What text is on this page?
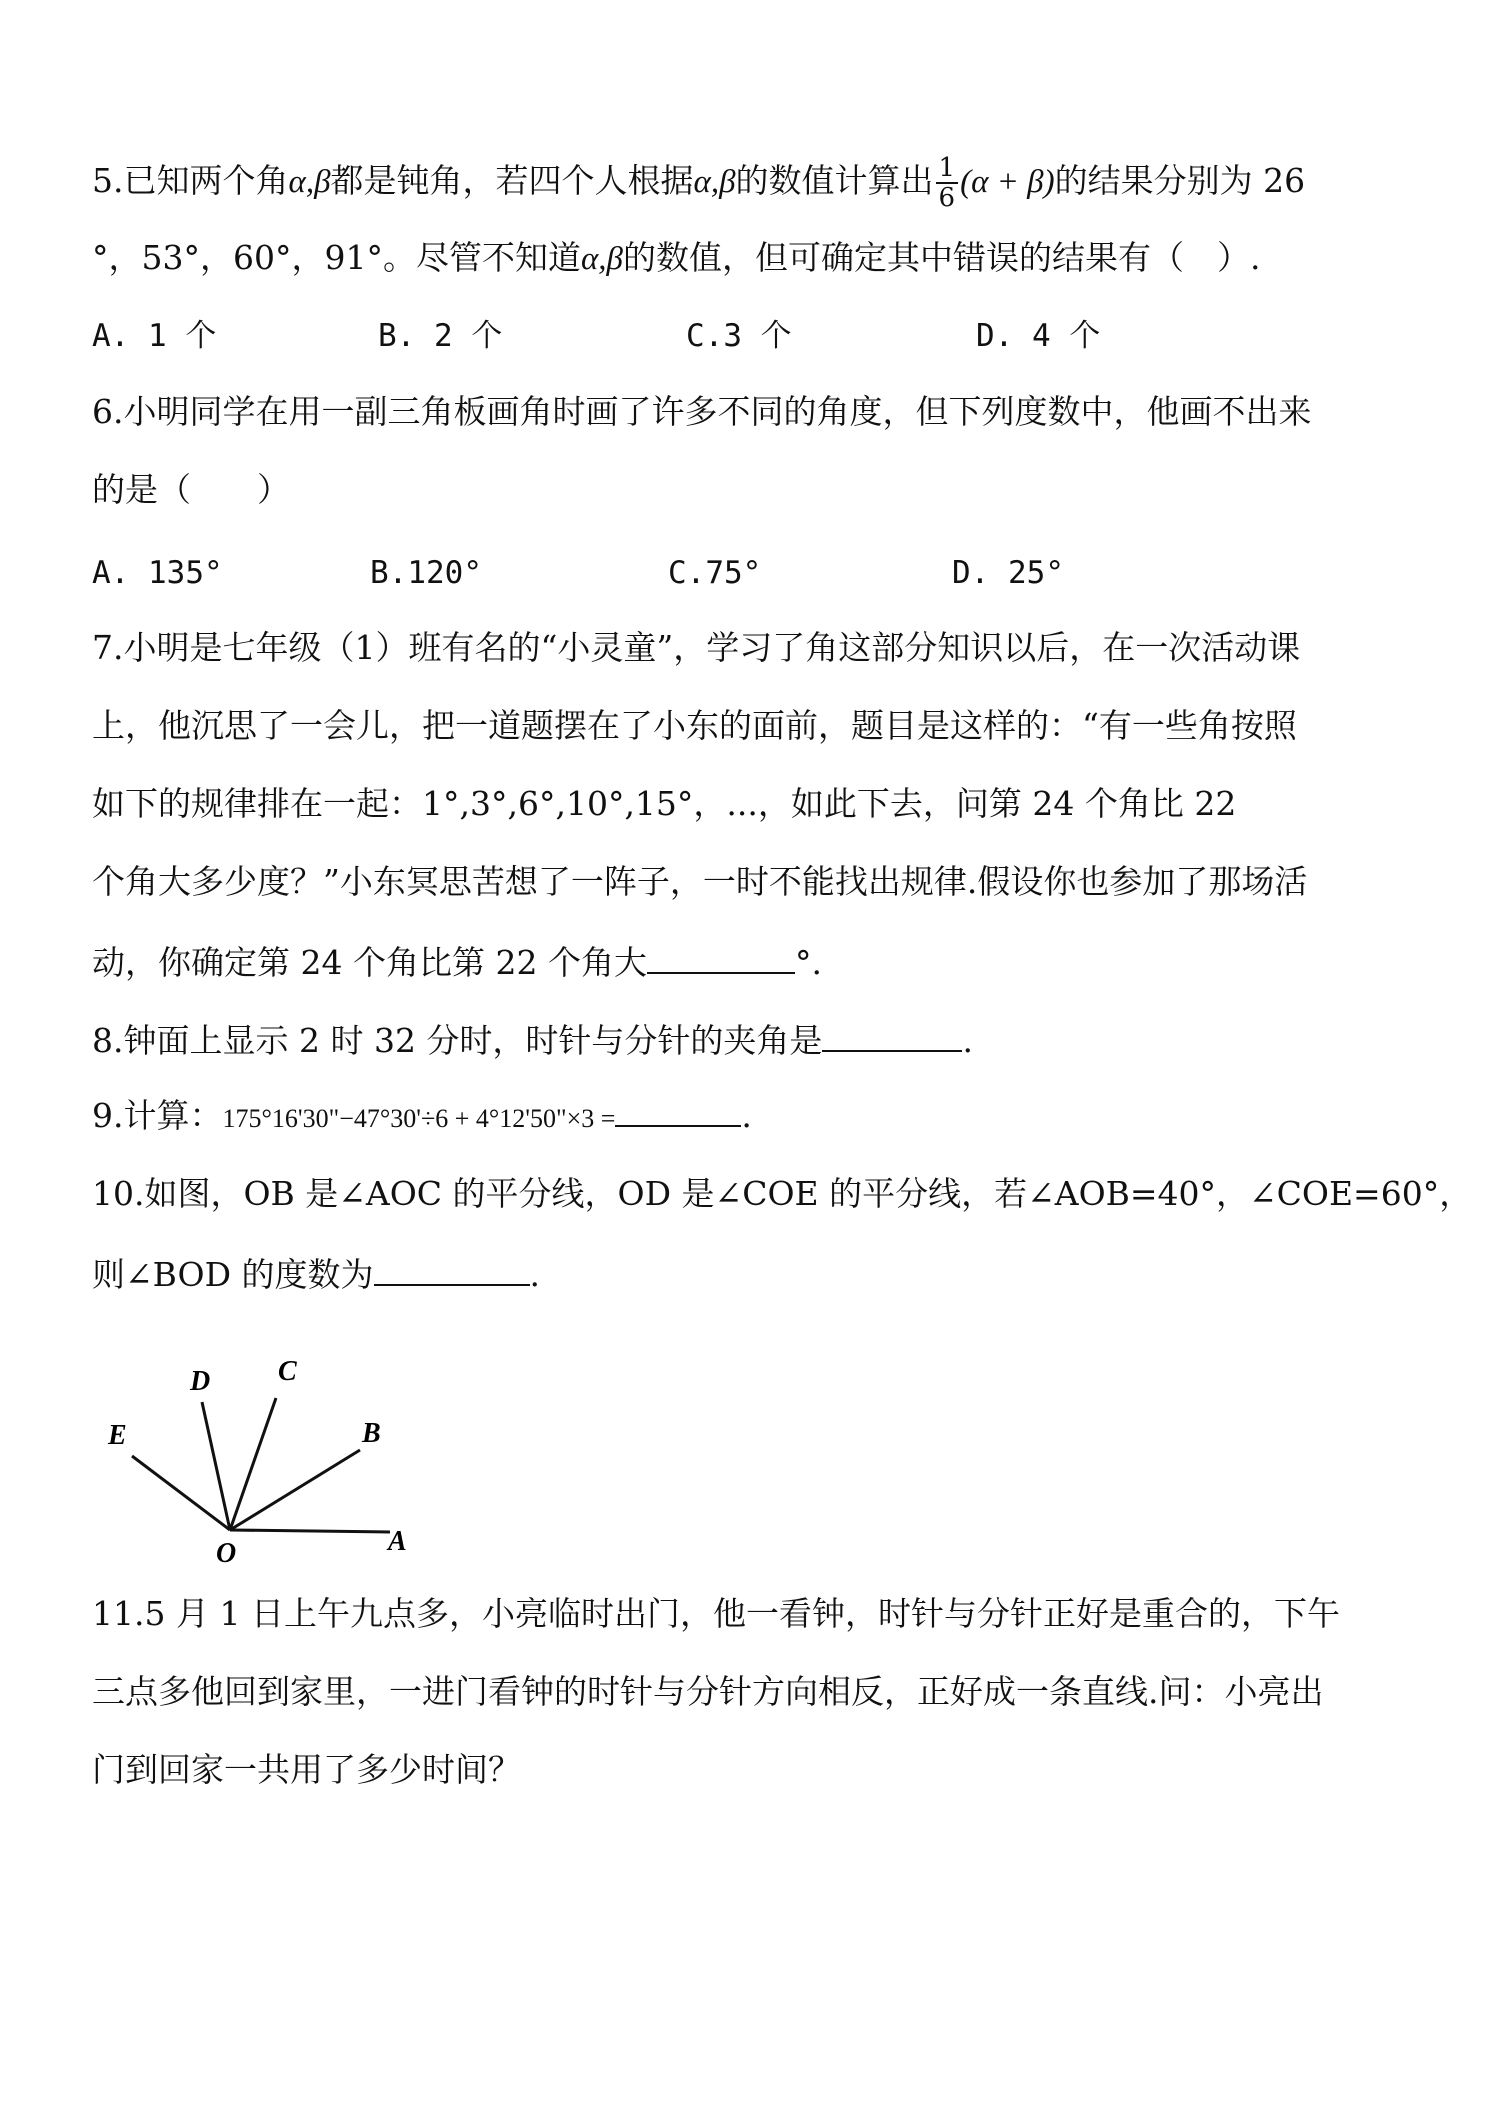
5.已知两个角α,β都是钝角，若四个人根据α,β的数值计算出 $\frac{1}{6} (\alpha + \beta)$的结果分别为 26
°，53°，60°，91°。尽管不知道α,β的数值，但可确定其中错误的结果有（　）.
A. 1 个	B. 2 个	C.3 个	D. 4 个
6.小明同学在用一副三角板画角时画了许多不同的角度，但下列度数中，他画不出来
的是（　　）
A. 135°	B.120°	C.75°	D. 25°
7.小明是七年级（1）班有名的“小灵童”，学习了角这部分知识以后，在一次活动课
上，他沉思了一会儿，把一道题摆在了小东的面前，题目是这样的：“有一些角按照
如下的规律排在一起：1°,3°,6°,10°,15°，...，如此下去，问第 24 个角比 22
个角大多少度？”小东冥思苦想了一阵子，一时不能找出规律.假设你也参加了那场活
动，你确定第 24 个角比第 22 个角大	°.
8.钟面上显示 2 时 32 分时，时针与分针的夹角是	.
9.计算：175°16'30"−47°30'÷6 + 4°12'50"×3 =	.
10.如图，OB 是∠AOC 的平分线，OD 是∠COE 的平分线，若∠AOB=40°，∠COE=60°，
则∠BOD 的度数为	.
A
B
C
D
E
O
11.5 月 1 日上午九点多，小亮临时出门，他一看钟，时针与分针正好是重合的，下午
三点多他回到家里，一进门看钟的时针与分针方向相反，正好成一条直线.问：小亮出
门到回家一共用了多少时间？
